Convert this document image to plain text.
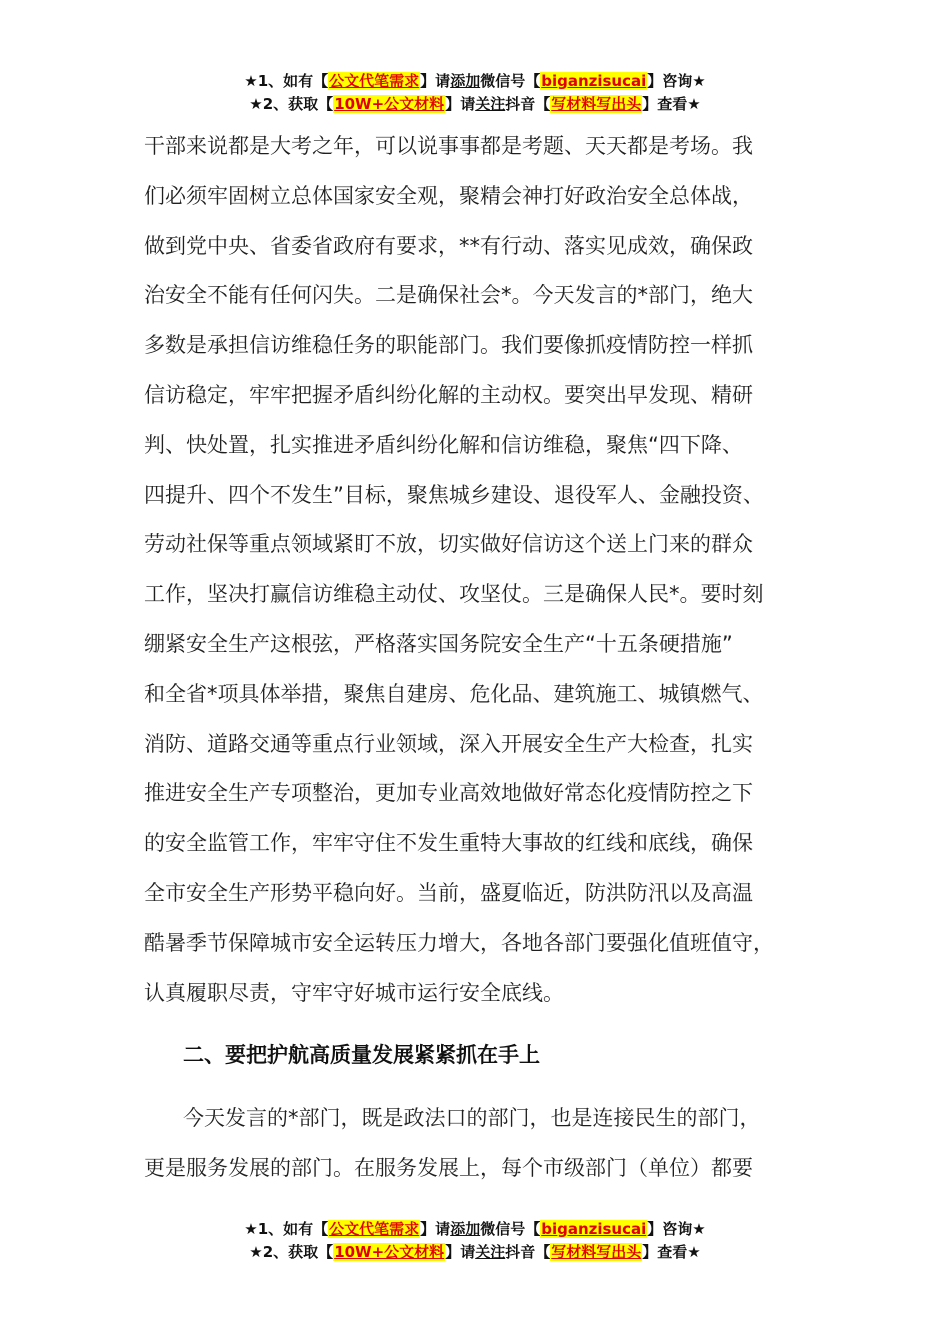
★1、如有【公文代笔需求】请添加微信号【biganzisucai】咨询★
★2、获取【10W+公文材料】请关注抖音【写材料写出头】查看★
干部来说都是大考之年，可以说事事都是考题、天天都是考场。我
们必须牢固树立总体国家安全观，聚精会神打好政治安全总体战，
做到党中央、省委省政府有要求，**有行动、落实见成效，确保政
治安全不能有任何闪失。二是确保社会*。今天发言的*部门，绝大
多数是承担信访维稳任务的职能部门。我们要像抓疫情防控一样抓
信访稳定，牢牢把握矛盾纠纷化解的主动权。要突出早发现、精研
判、快处置，扎实推进矛盾纠纷化解和信访维稳，聚焦“四下降、
四提升、四个不发生”目标，聚焦城乡建设、退役军人、金融投资、
劳动社保等重点领域紧盯不放，切实做好信访这个送上门来的群众
工作，坚决打赢信访维稳主动仗、攻坚仗。三是确保人民*。要时刻
绷紧安全生产这根弦，严格落实国务院安全生产“十五条硬措施”
和全省*项具体举措，聚焦自建房、危化品、建筑施工、城镇燃气、
消防、道路交通等重点行业领域，深入开展安全生产大检查，扎实
推进安全生产专项整治，更加专业高效地做好常态化疫情防控之下
的安全监管工作，牢牢守住不发生重特大事故的红线和底线，确保
全市安全生产形势平稳向好。当前，盛夏临近，防洪防汛以及高温
酷暑季节保障城市安全运转压力增大，各地各部门要强化值班值守，
认真履职尽责，守牢守好城市运行安全底线。
二、要把护航高质量发展紧紧抓在手上
今天发言的*部门，既是政法口的部门，也是连接民生的部门，
更是服务发展的部门。在服务发展上，每个市级部门（单位）都要
★1、如有【公文代笔需求】请添加微信号【biganzisucai】咨询★
★2、获取【10W+公文材料】请关注抖音【写材料写出头】查看★
